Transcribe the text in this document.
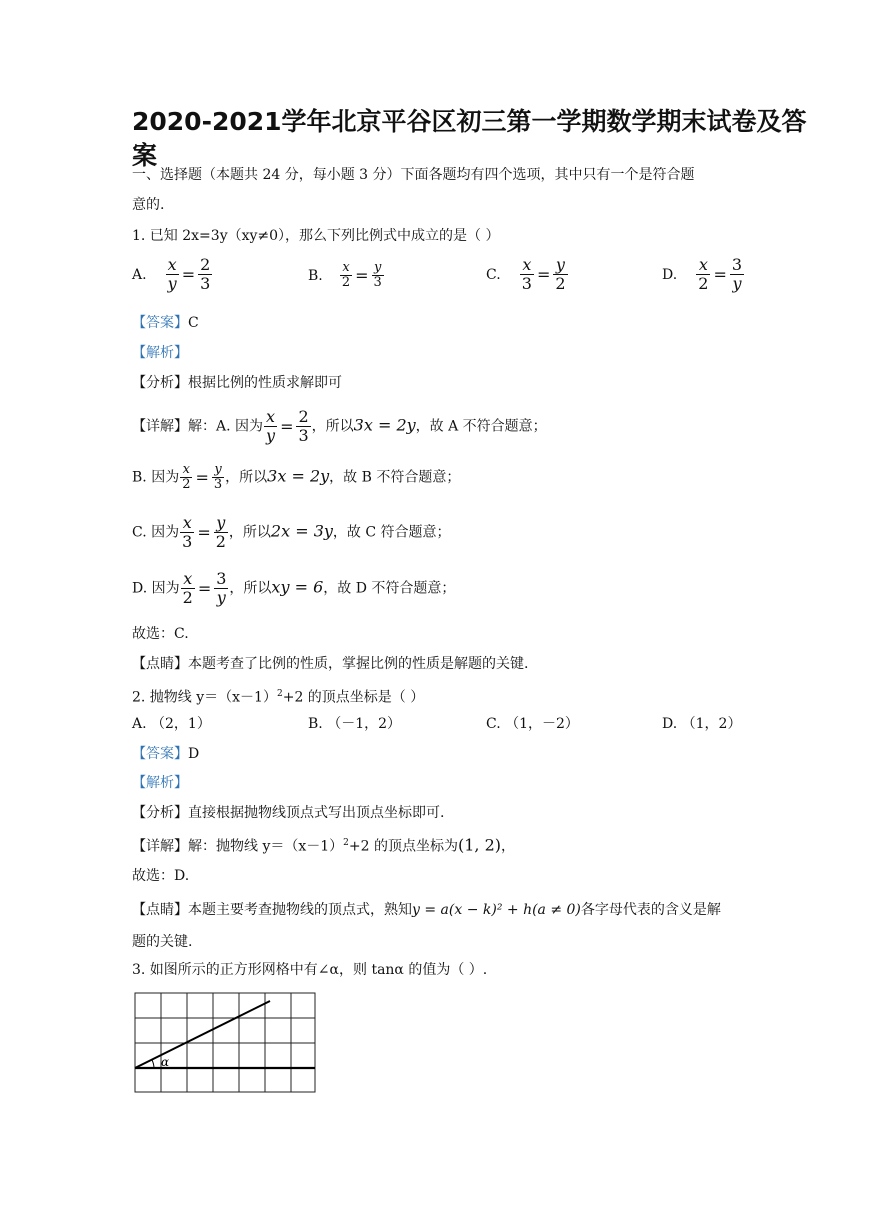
2020-2021学年北京平谷区初三第一学期数学期末试卷及答
案
一、选择题（本题共 24 分，每小题 3 分）下面各题均有四个选项，其中只有一个是符合题
意的.
1. 已知 2x=3y（xy≠0），那么下列比例式中成立的是（ ）
A. $\frac{x}{y} = \frac{2}{3}$	B. $\frac{x}{2} = \frac{y}{3}$	C. $\frac{x}{3} = \frac{y}{2}$	D. $\frac{x}{2} = \frac{3}{y}$
【答案】C
【解析】
【分析】根据比例的性质求解即可
【详解】解：A. 因为 $\frac{x}{y} = \frac{2}{3}$ ，所以3x = 2y，故 A 不符合题意；
B. 因为 $\frac{x}{2} = \frac{y}{3}$ ，所以3x = 2y，故 B 不符合题意；
C. 因为 $\frac{x}{3} = \frac{y}{2}$ ，所以2x = 3y，故 C 符合题意；
D. 因为 $\frac{x}{2} = \frac{3}{y}$ ，所以xy = 6，故 D 不符合题意；
故选：C.
【点睛】本题考查了比例的性质，掌握比例的性质是解题的关键.
2. 抛物线 $y=(x-1)^2+2$ 的顶点坐标是（ ）
A. （2，1）	B. （－1，2）	C. （1，－2）	D. （1，2）
【答案】D
【解析】
【分析】直接根据抛物线顶点式写出顶点坐标即可.
【详解】解：抛物线 $y=(x-1)^2+2$ 的顶点坐标为(1, 2)，
故选：D.
【点睛】本题主要考查抛物线的顶点式，熟知y = a(x − k)² + h(a ≠ 0)各字母代表的含义是解
题的关键.
3. 如图所示的正方形网格中有∠α，则 tanα 的值为（ ）.
α
